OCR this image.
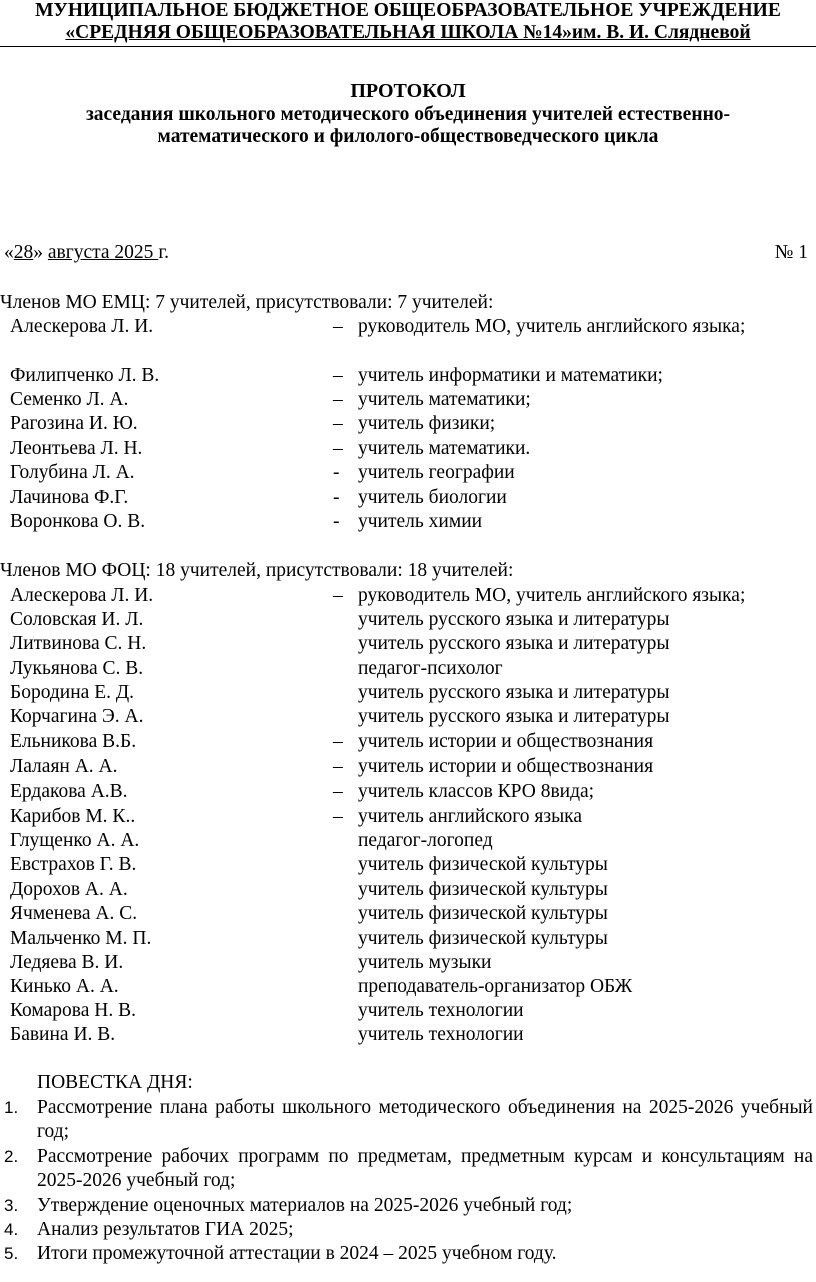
МУНИЦИПАЛЬНОЕ БЮДЖЕТНОЕ ОБЩЕОБРАЗОВАТЕЛЬНОЕ УЧРЕЖДЕНИЕ
«СРЕДНЯЯ ОБЩЕОБРАЗОВАТЕЛЬНАЯ ШКОЛА №14»им. В. И. Слядневой
ПРОТОКОЛ
заседания школьного методического объединения учителей естественно-
математического и филолого-обществоведческого цикла
«28» августа 2025 г.	№ 1
Членов МО ЕМЦ: 7 учителей, присутствовали: 7 учителей:
Алескерова Л. И.	– руководитель МО, учитель английского языка;
Филипченко Л. В.	– учитель информатики и математики;
Семенко Л. А.	– учитель математики;
Рагозина И. Ю.	– учитель физики;
Леонтьева Л. Н.	– учитель математики.
Голубина Л. А.	- учитель географии
Лачинова Ф.Г.	- учитель биологии
Воронкова О. В.	- учитель химии
Членов МО ФОЦ: 18 учителей, присутствовали: 18 учителей:
Алескерова Л. И.	– руководитель МО, учитель английского языка;
Соловская И. Л.	учитель русского языка и литературы
Литвинова С. Н.	учитель русского языка и литературы
Лукьянова С. В.	педагог-психолог
Бородина Е. Д.	учитель русского языка и литературы
Корчагина Э. А.	учитель русского языка и литературы
Ельникова В.Б.	– учитель истории и обществознания
Лалаян А. А.	– учитель истории и обществознания
Ердакова А.В.	– учитель классов КРО 8вида;
Карибов М. К..	– учитель английского языка
Глущенко А. А.	педагог-логопед
Евстрахов Г. В.	учитель физической культуры
Дорохов А. А.	учитель физической культуры
Ячменева А. С.	учитель физической культуры
Мальченко М. П.	учитель физической культуры
Ледяева В. И.	учитель музыки
Кинько А. А.	преподаватель-организатор ОБЖ
Комарова Н. В.	учитель технологии
Бавина И. В.	учитель технологии
ПОВЕСТКА ДНЯ:
1. Рассмотрение плана работы школьного методического объединения на 2025-2026 учебный год;
2. Рассмотрение рабочих программ по предметам, предметным курсам и консультациям на 2025-2026 учебный год;
3. Утверждение оценочных материалов на 2025-2026 учебный год;
4. Анализ результатов ГИА 2025;
5. Итоги промежуточной аттестации в 2024 – 2025 учебном году.
